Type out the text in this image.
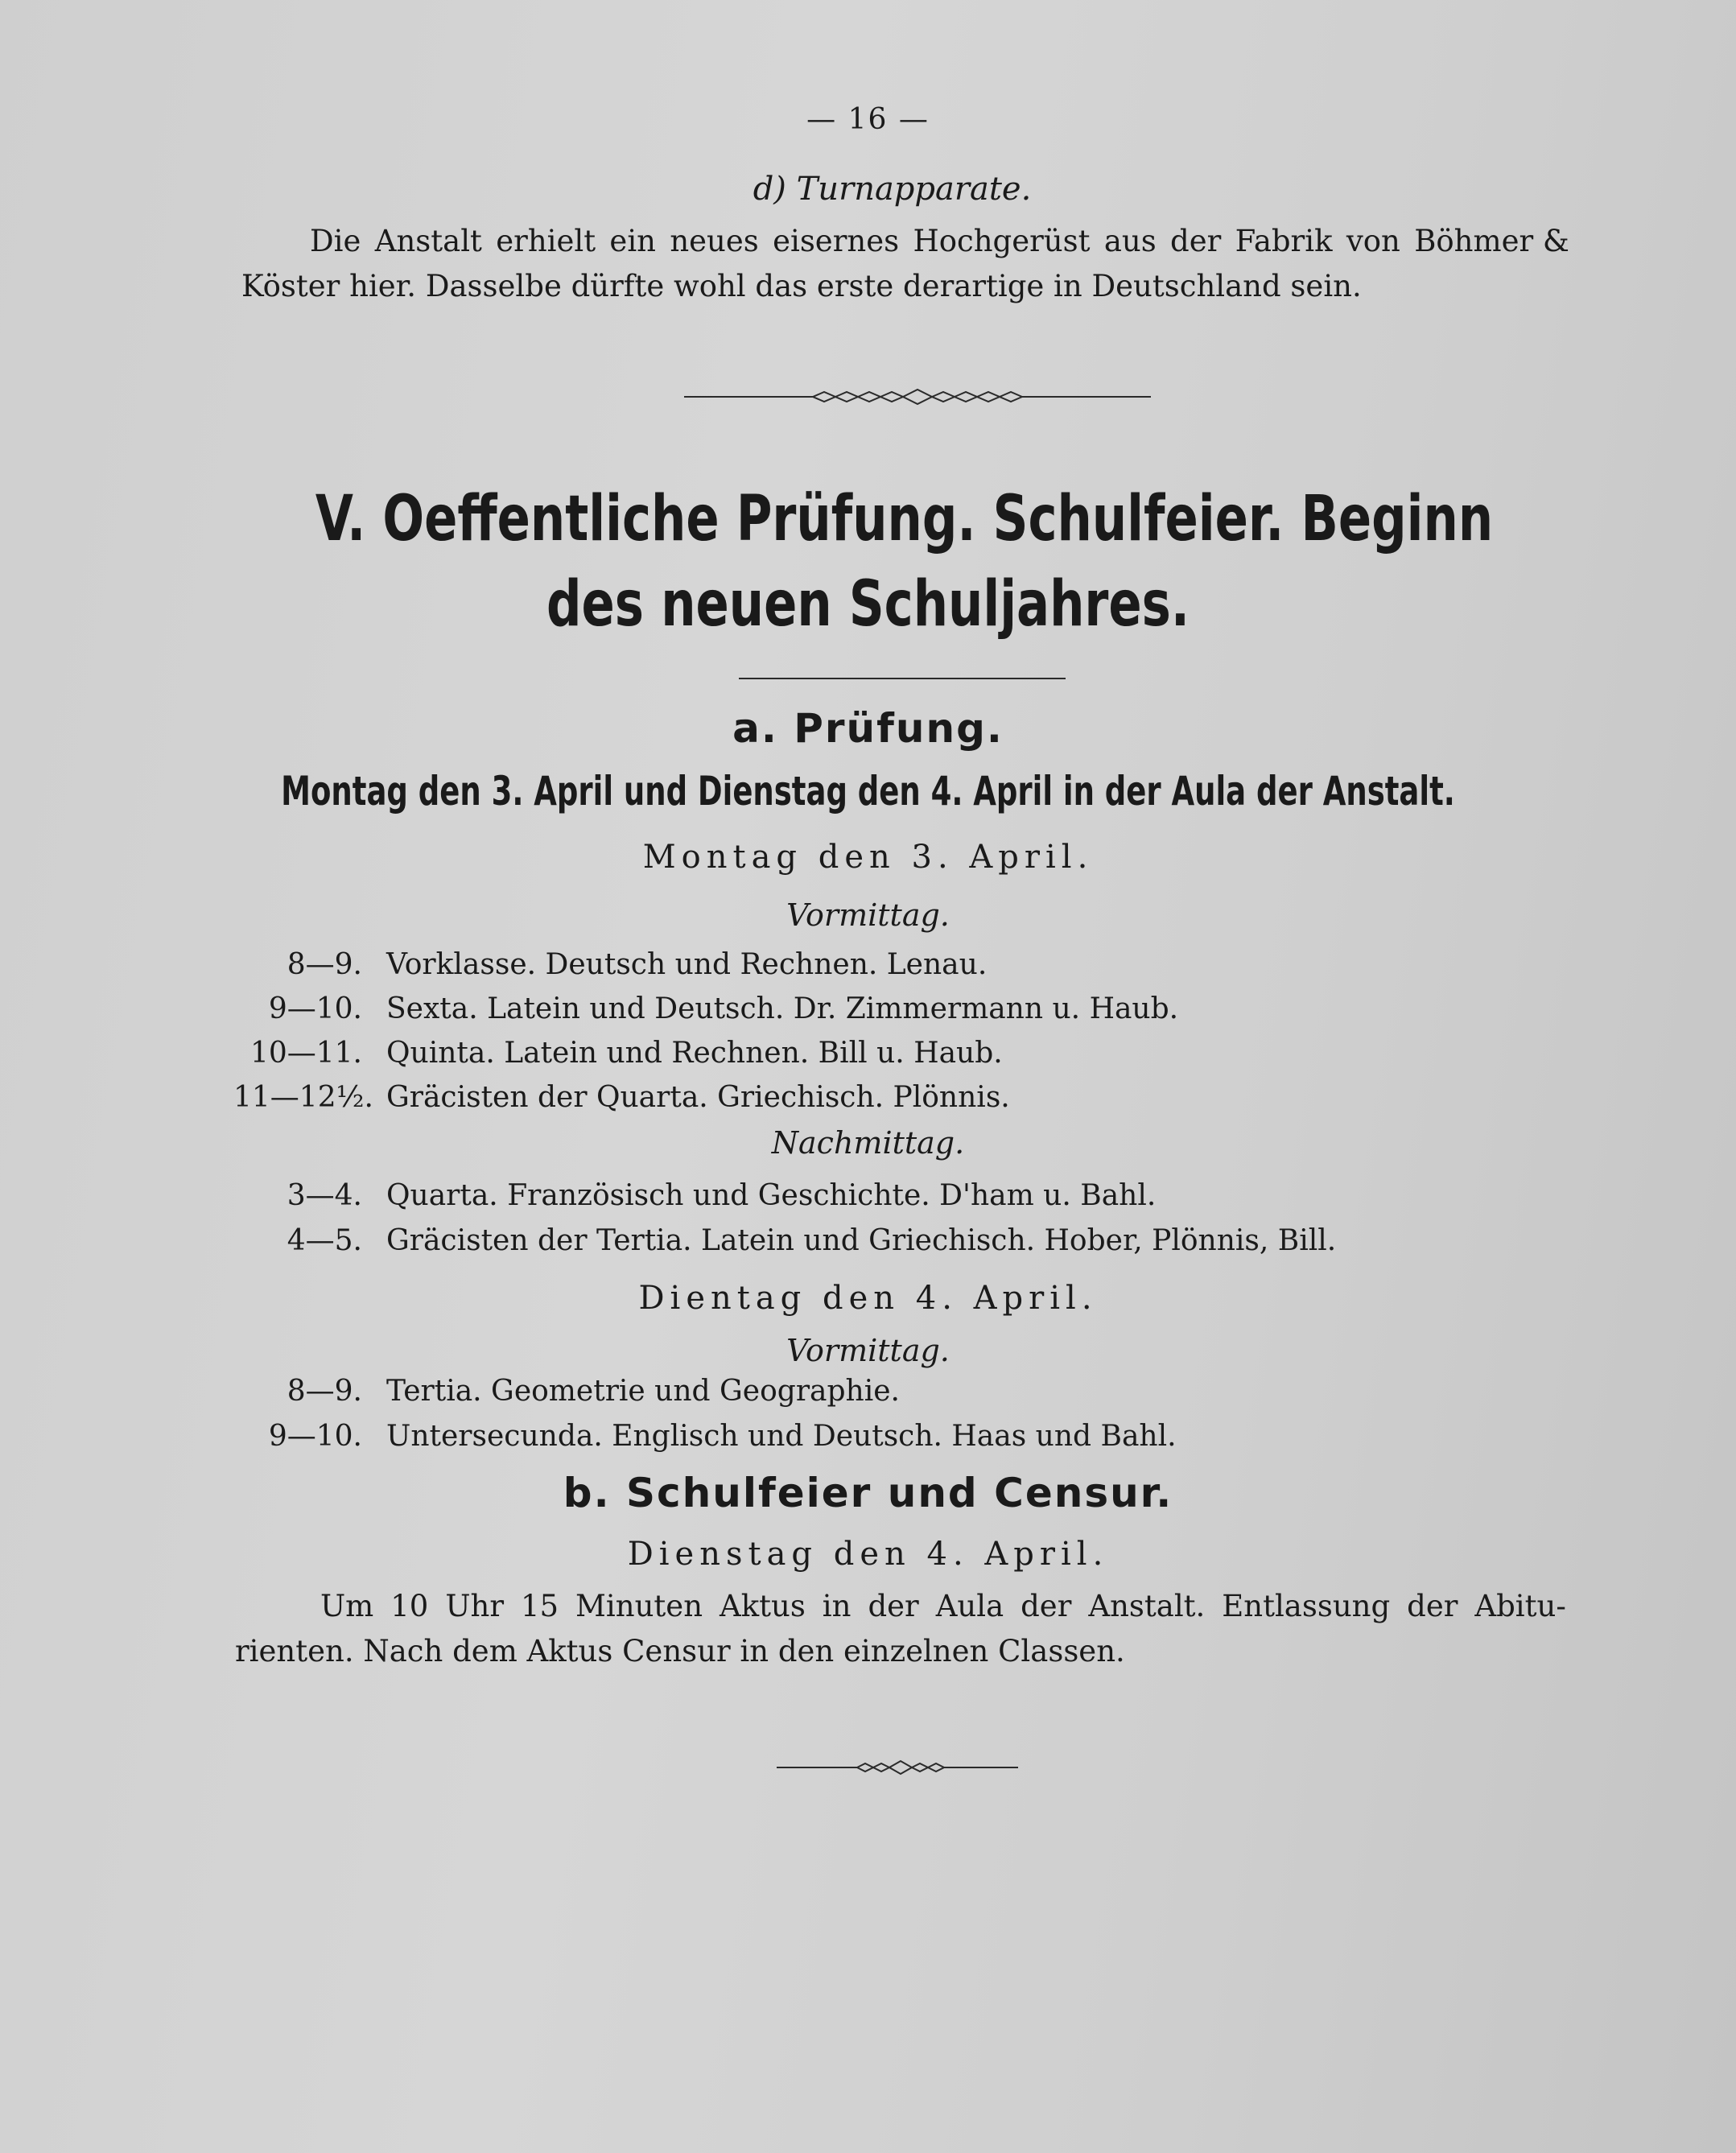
— 16 —
d) Turnapparate.
Die Anstalt erhielt ein neues eisernes Hochgerüst aus der Fabrik von Böhmer &
Köster hier. Dasselbe dürfte wohl das erste derartige in Deutschland sein.
V. Oeffentliche Prüfung. Schulfeier. Beginn
des neuen Schuljahres.
a. Prüfung.
Montag den 3. April und Dienstag den 4. April in der Aula der Anstalt.
Montag den 3. April.
Vormittag.
8—9. Vorklasse. Deutsch und Rechnen. Lenau.
9—10. Sexta. Latein und Deutsch. Dr. Zimmermann u. Haub.
10—11. Quinta. Latein und Rechnen. Bill u. Haub.
11—12½. Gräcisten der Quarta. Griechisch. Plönnis.
Nachmittag.
3—4. Quarta. Französisch und Geschichte. D'ham u. Bahl.
4—5. Gräcisten der Tertia. Latein und Griechisch. Hober, Plönnis, Bill.
Dientag den 4. April.
Vormittag.
8—9. Tertia. Geometrie und Geographie.
9—10. Untersecunda. Englisch und Deutsch. Haas und Bahl.
b. Schulfeier und Censur.
Dienstag den 4. April.
Um 10 Uhr 15 Minuten Aktus in der Aula der Anstalt. Entlassung der Abitu-
rienten. Nach dem Aktus Censur in den einzelnen Classen.
